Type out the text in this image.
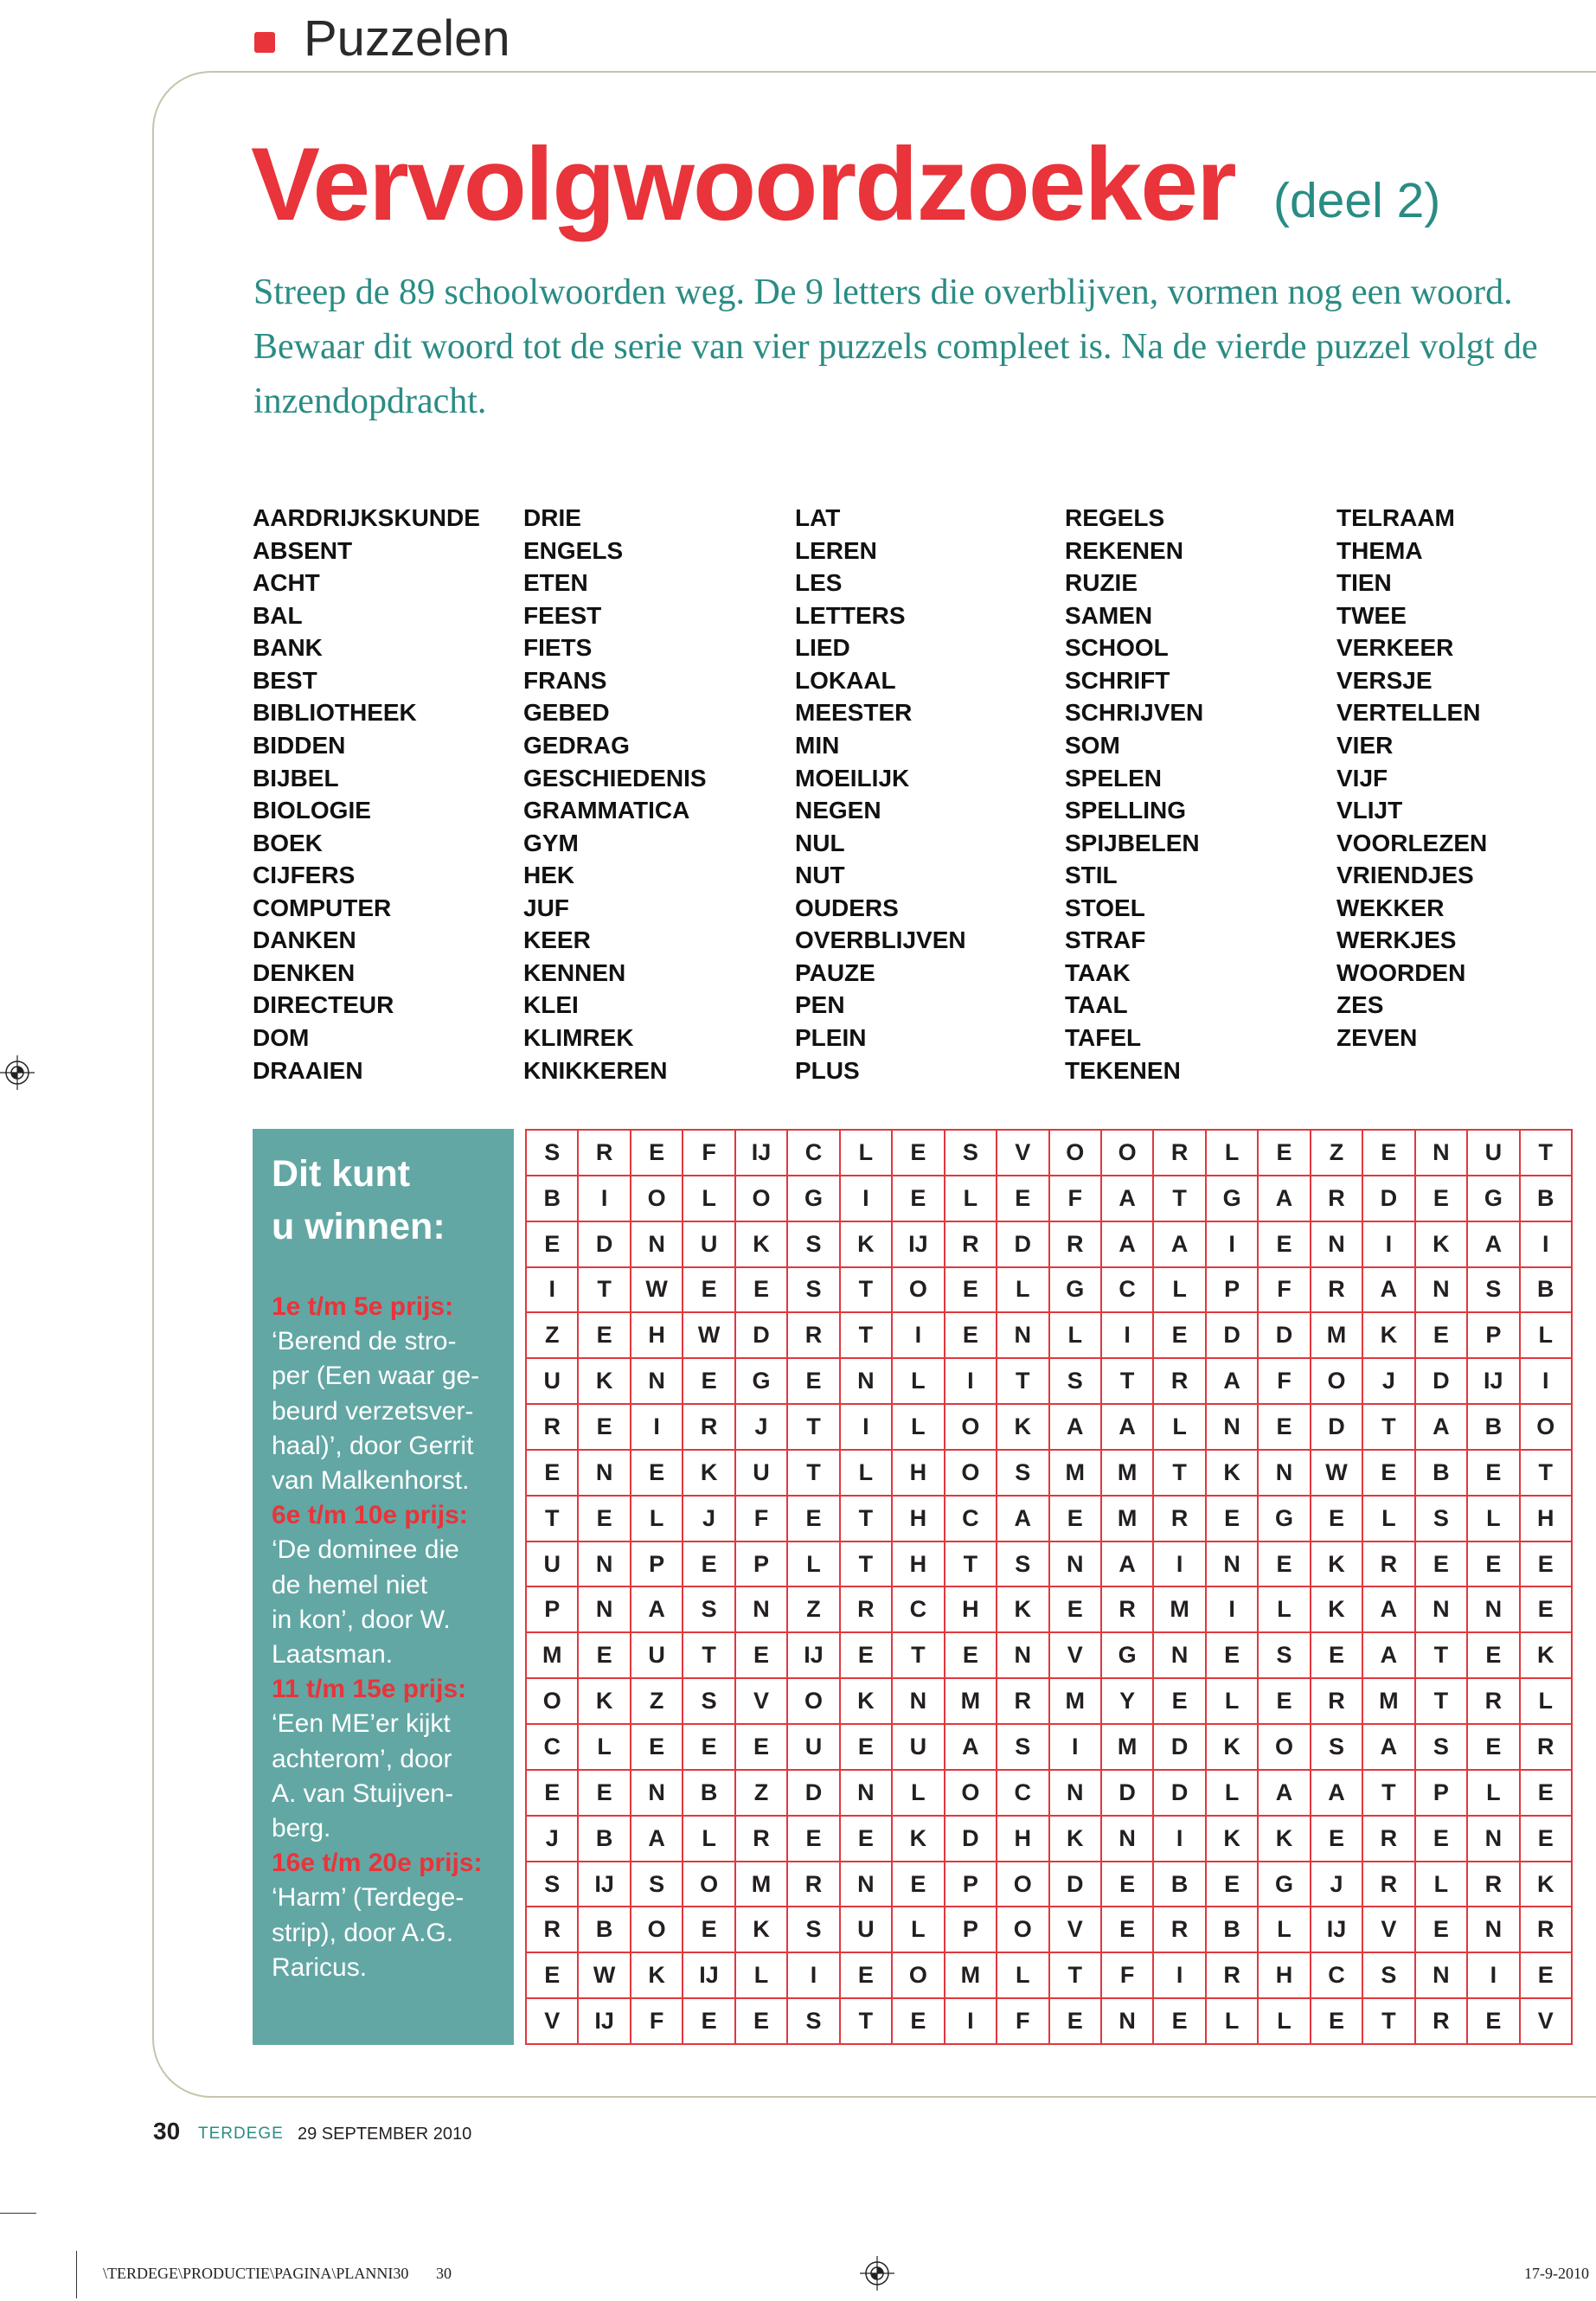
Puzzelen
Vervolgwoordzoeker (deel 2)
Streep de 89 schoolwoorden weg. De 9 letters die overblijven, vormen nog een woord.
Bewaar dit woord tot de serie van vier puzzels compleet is. Na de vierde puzzel volgt de
inzendopdracht.
AARDRIJKSKUNDE
ABSENT
ACHT
BAL
BANK
BEST
BIBLIOTHEEK
BIDDEN
BIJBEL
BIOLOGIE
BOEK
CIJFERS
COMPUTER
DANKEN
DENKEN
DIRECTEUR
DOM
DRAAIEN
DRIE
ENGELS
ETEN
FEEST
FIETS
FRANS
GEBED
GEDRAG
GESCHIEDENIS
GRAMMATICA
GYM
HEK
JUF
KEER
KENNEN
KLEI
KLIMREK
KNIKKEREN
LAT
LEREN
LES
LETTERS
LIED
LOKAAL
MEESTER
MIN
MOEILIJK
NEGEN
NUL
NUT
OUDERS
OVERBLIJVEN
PAUZE
PEN
PLEIN
PLUS
REGELS
REKENEN
RUZIE
SAMEN
SCHOOL
SCHRIFT
SCHRIJVEN
SOM
SPELEN
SPELLING
SPIJBELEN
STIL
STOEL
STRAF
TAAK
TAAL
TAFEL
TEKENEN
TELRAAM
THEMA
TIEN
TWEE
VERKEER
VERSJE
VERTELLEN
VIER
VIJF
VLIJT
VOORLEZEN
VRIENDJES
WEKKER
WERKJES
WOORDEN
ZES
ZEVEN
Dit kunt
u winnen:
1e t/m 5e prijs:
‘Berend de stro-
per (Een waar ge-
beurd verzetsver-
haal)’, door Gerrit
van Malkenhorst.
6e t/m 10e prijs:
‘De dominee die
de hemel niet
in kon’, door W.
Laatsman.
11 t/m 15e prijs:
‘Een ME’er kijkt
achterom’, door
A. van Stuijven-
berg.
16e t/m 20e prijs:
‘Harm’ (Terdege-
strip), door A.G.
Raricus.
S	R	E	F	IJ	C	L	E	S	V	O	O	R	L	E	Z	E	N	U	T
B	I	O	L	O	G	I	E	L	E	F	A	T	G	A	R	D	E	G	B
E	D	N	U	K	S	K	IJ	R	D	R	A	A	I	E	N	I	K	A	I
I	T	W	E	E	S	T	O	E	L	G	C	L	P	F	R	A	N	S	B
Z	E	H	W	D	R	T	I	E	N	L	I	E	D	D	M	K	E	P	L
U	K	N	E	G	E	N	L	I	T	S	T	R	A	F	O	J	D	IJ	I
R	E	I	R	J	T	I	L	O	K	A	A	L	N	E	D	T	A	B	O
E	N	E	K	U	T	L	H	O	S	M	M	T	K	N	W	E	B	E	T
T	E	L	J	F	E	T	H	C	A	E	M	R	E	G	E	L	S	L	H
U	N	P	E	P	L	T	H	T	S	N	A	I	N	E	K	R	E	E	E
P	N	A	S	N	Z	R	C	H	K	E	R	M	I	L	K	A	N	N	E
M	E	U	T	E	IJ	E	T	E	N	V	G	N	E	S	E	A	T	E	K
O	K	Z	S	V	O	K	N	M	R	M	Y	E	L	E	R	M	T	R	L
C	L	E	E	E	U	E	U	A	S	I	M	D	K	O	S	A	S	E	R
E	E	N	B	Z	D	N	L	O	C	N	D	D	L	A	A	T	P	L	E
J	B	A	L	R	E	E	K	D	H	K	N	I	K	K	E	R	E	N	E
S	IJ	S	O	M	R	N	E	P	O	D	E	B	E	G	J	R	L	R	K
R	B	O	E	K	S	U	L	P	O	V	E	R	B	L	IJ	V	E	N	R
E	W	K	IJ	L	I	E	O	M	L	T	F	I	R	H	C	S	N	I	E
V	IJ	F	E	E	S	T	E	I	F	E	N	E	L	L	E	T	R	E	V
30 TERDEGE 29 SEPTEMBER 2010
\TERDEGE\PRODUCTIE\PAGINA\PLANNI30 30	17-9-2010
